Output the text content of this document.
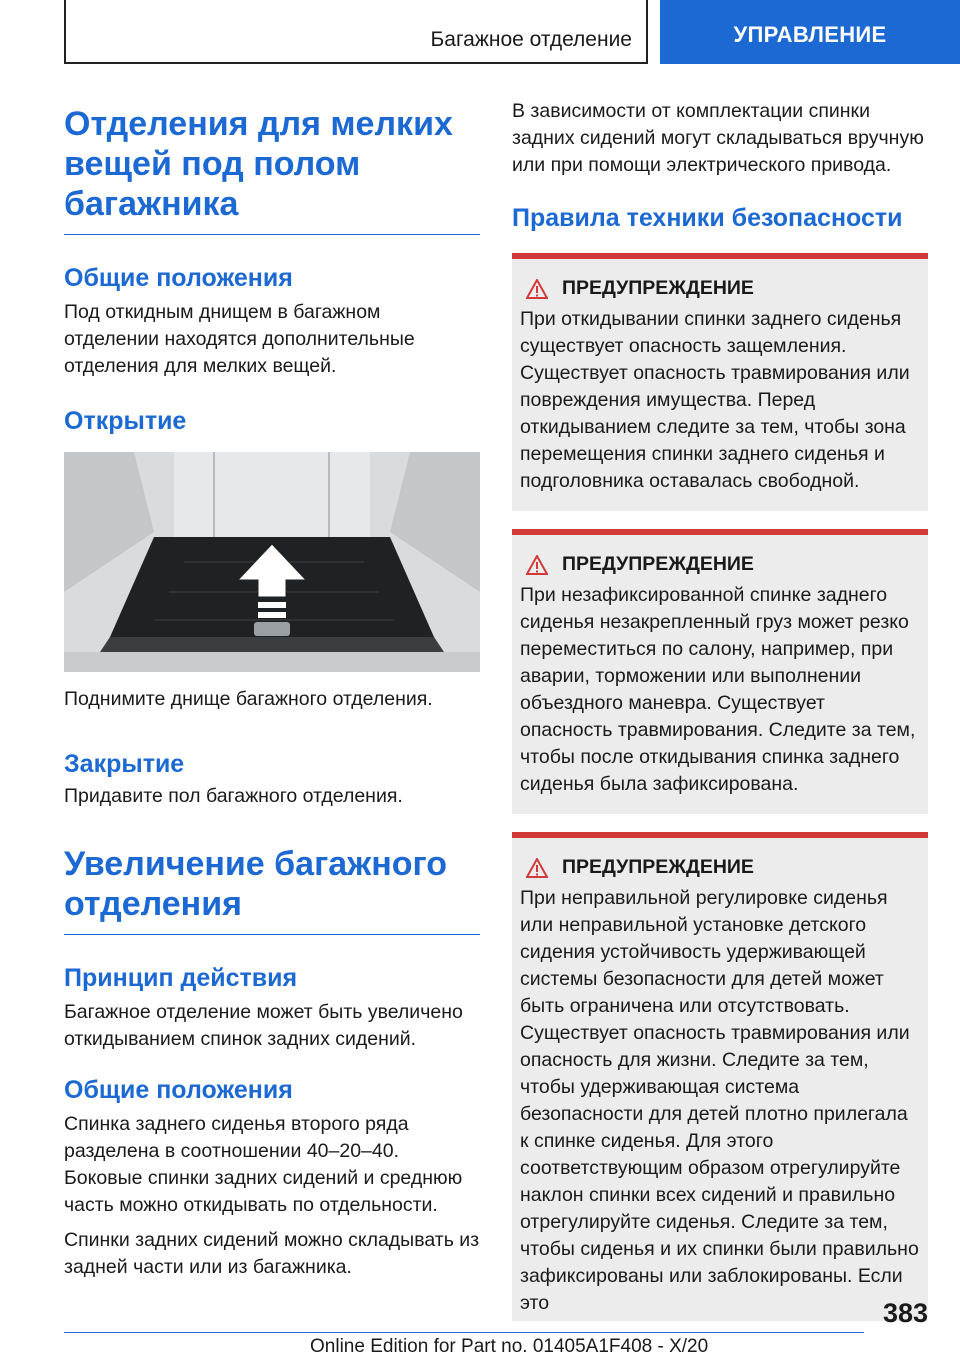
Багажное отделение	УПРАВЛЕНИЕ
Отделения для мелких вещей под полом багажника
Общие положения

Под откидным днищем в багажном отделении находятся дополнительные отделения для мелких вещей.

Открытие

Поднимите днище багажного отделения.

Закрытие

Придавите пол багажного отделения.

Увеличение багажного отделения
Принцип действия

Багажное отделение может быть увеличено откидыванием спинок задних сидений.

Общие положения

Спинка заднего сиденья второго ряда разделена в соотношении 40–20–40. Боковые спинки задних сидений и среднюю часть можно откидывать по отдельности.

Спинки задних сидений можно складывать из задней части или из багажника.

В зависимости от комплектации спинки задних сидений могут складываться вручную или при помощи электрического привода.

Правила техники безопасности
ПРЕДУПРЕЖДЕНИЕ

При откидывании спинки заднего сиденья существует опасность защемления. Существует опасность травмирования или повреждения имущества. Перед откидыванием следите за тем, чтобы зона перемещения спинки заднего сиденья и подголовника оставалась свободной.

ПРЕДУПРЕЖДЕНИЕ

При незафиксированной спинке заднего сиденья незакрепленный груз может резко переместиться по салону, например, при аварии, торможении или выполнении объездного маневра. Существует опасность травмирования. Следите за тем, чтобы после откидывания спинка заднего сиденья была зафиксирована.

ПРЕДУПРЕЖДЕНИЕ

При неправильной регулировке сиденья или неправильной установке детского сидения устойчивость удерживающей системы безопасности для детей может быть ограничена или отсутствовать. Существует опасность травмирования или опасность для жизни. Следите за тем, чтобы удерживающая система безопасности для детей плотно прилегала к спинке сиденья. Для этого соответствующим образом отрегулируйте наклон спинки всех сидений и правильно отрегулируйте сиденья. Следите за тем, чтобы сиденья и их спинки были правильно зафиксированы или заблокированы. Если это	383
Online Edition for Part no. 01405A1F408 - X/20
